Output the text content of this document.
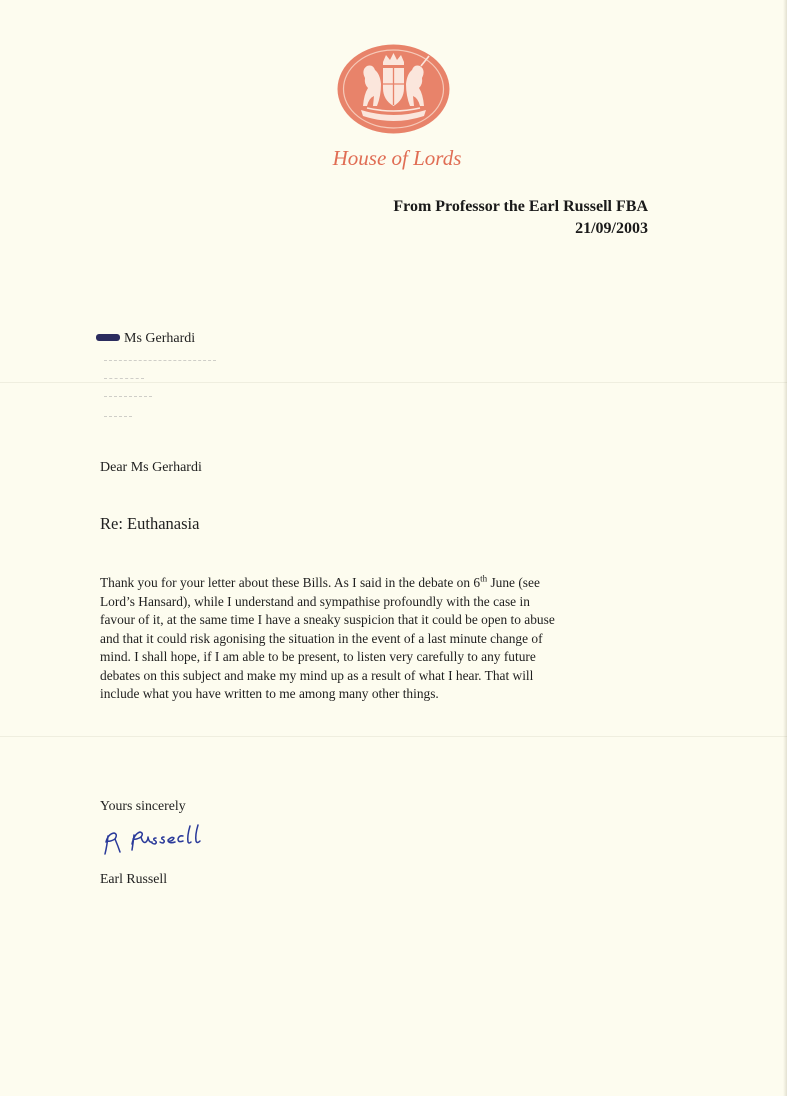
House of Lords
From Professor the Earl Russell FBA
21/09/2003
Ms Gerhardi
Dear Ms Gerhardi
Re: Euthanasia
Thank you for your letter about these Bills. As I said in the debate on 6th June (see
Lord’s Hansard), while I understand and sympathise profoundly with the case in
favour of it, at the same time I have a sneaky suspicion that it could be open to abuse
and that it could risk agonising the situation in the event of a last minute change of
mind. I shall hope, if I am able to be present, to listen very carefully to any future
debates on this subject and make my mind up as a result of what I hear. That will
include what you have written to me among many other things.
Yours sincerely
Earl Russell
